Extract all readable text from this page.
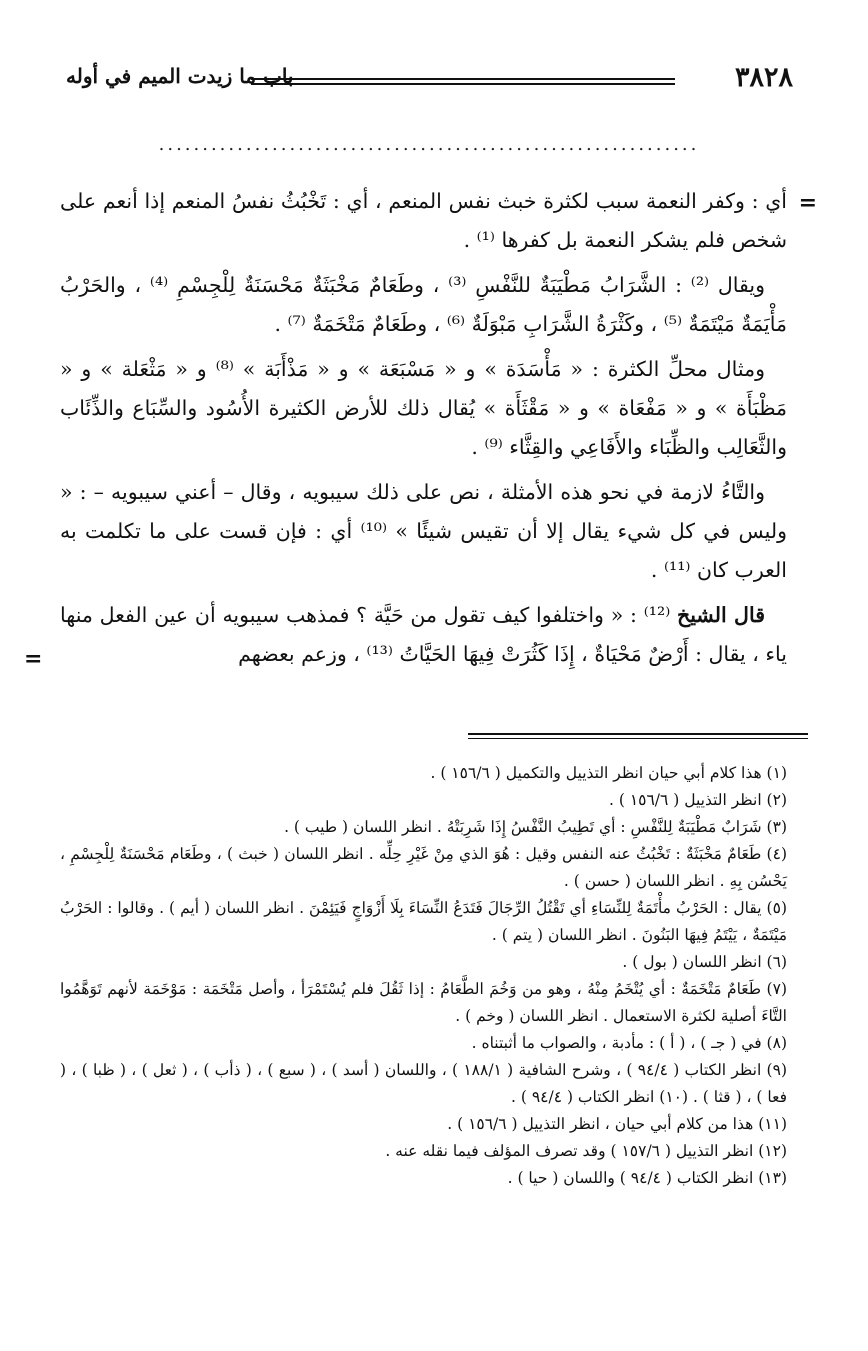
٣٨٢٨
باب ما زيدت الميم في أوله
..............................................................
=

أي : وكفر النعمة سبب لكثرة خبث نفس المنعم ، أي : تَخْبُثُ نفسُ المنعم إذا أنعم على شخص فلم يشكر النعمة بل كفرها ⁽¹⁾ .

ويقال ⁽²⁾ : الشَّرَابُ مَطْيَبَةٌ للنَّفْسِ ⁽³⁾ ، وطَعَامٌ مَخْبَثَةٌ مَحْسَنَةٌ لِلْجِسْمِ ⁽⁴⁾ ، والحَرْبُ مَأْيَمَةٌ مَيْتَمَةٌ ⁽⁵⁾ ، وكَثْرَةُ الشَّرَابِ مَبْوَلَةٌ ⁽⁶⁾ ، وطَعَامٌ مَتْخَمَةٌ ⁽⁷⁾ .

ومثال محلِّ الكثرة : « مَأْسَدَة » و « مَسْبَعَة » و « مَذْأَبَة » ⁽⁸⁾ و « مَثْعَلة » و « مَظْبَأَة » و « مَفْعَاة » و « مَقْثَأَة » يُقال ذلك للأرض الكثيرة الأُسُود والسِّبَاع والذِّئَاب والثَّعَالِب والظِّبَاء والأَفَاعِي والقِثَّاء ⁽⁹⁾ .

والتَّاءُ لازمة في نحو هذه الأمثلة ، نص على ذلك سيبويه ، وقال – أعني سيبويه – : « وليس في كل شيء يقال إلا أن تقيس شيئًا » ⁽¹⁰⁾ أي : فإن قست على ما تكلمت به العرب كان ⁽¹¹⁾ .

قال الشيخ ⁽¹²⁾ : « واختلفوا كيف تقول من حَيَّة ؟ فمذهب سيبويه أن عين الفعل منها ياء ، يقال : أَرْضٌ مَحْيَاةٌ ، إِذَا كَثُرَتْ فِيهَا الحَيَّاتُ ⁽¹³⁾ ، وزعم بعضهم

=
(١) هذا كلام أبي حيان انظر التذييل والتكميل ( ١٥٦/٦ ) .
(٢) انظر التذييل ( ١٥٦/٦ ) .
(٣) شَرَابٌ مَطْيَبَةٌ لِلنَّفْسِ : أي تَطِيبُ النَّفْسُ إِذَا شَرِبَتْهُ . انظر اللسان ( طيب ) .
(٤) طَعَامٌ مَخْبَثَةٌ : تَخْبُثُ عنه النفس وقيل : هُوَ الذي مِنْ غَيْرِ حِلِّه . انظر اللسان ( خبث ) ، وطَعَام مَحْسَنَةٌ لِلْجِسْمِ ، يَحْسُن بِهِ . انظر اللسان ( حسن ) .
(٥) يقال : الحَرْبُ مأْتَمَةٌ لِلنِّسَاءِ أي تَقْتُلُ الرِّجَالَ فَتَدَعُ النِّسَاءَ بِلَا أَزْوَاجٍ فَيَئِمْنَ . انظر اللسان ( أيم ) . وقالوا : الحَرْبُ مَيْتَمَةٌ ، يَيْتَمُ فِيهَا البَنُونَ . انظر اللسان ( يتم ) .
(٦) انظر اللسان ( بول ) .
(٧) طَعَامٌ مَتْخَمَةٌ : أي يُتْخَمُ مِنْهُ ، وهو من وَخُمَ الطَّعَامُ : إذا ثَقُلَ فلم يُسْتَمْرَأ ، وأصل مَتْخَمَة : مَوْخَمَة لأنهم تَوَهَّمُوا التَّاءَ أصلية لكثرة الاستعمال . انظر اللسان ( وخم ) .
(٨) في ( جـ ) ، ( أ ) : مأدبة ، والصواب ما أثبتناه .
(٩) انظر الكتاب ( ٩٤/٤ ) ، وشرح الشافية ( ١٨٨/١ ) ، واللسان ( أسد ) ، ( سبع ) ، ( ذأب ) ، ( ثعل ) ، ( ظبا ) ، ( فعا ) ، ( قثا ) . (١٠) انظر الكتاب ( ٩٤/٤ ) .
(١١) هذا من كلام أبي حيان ، انظر التذييل ( ١٥٦/٦ ) .
(١٢) انظر التذييل ( ١٥٧/٦ ) وقد تصرف المؤلف فيما نقله عنه .
(١٣) انظر الكتاب ( ٩٤/٤ ) واللسان ( حيا ) .
